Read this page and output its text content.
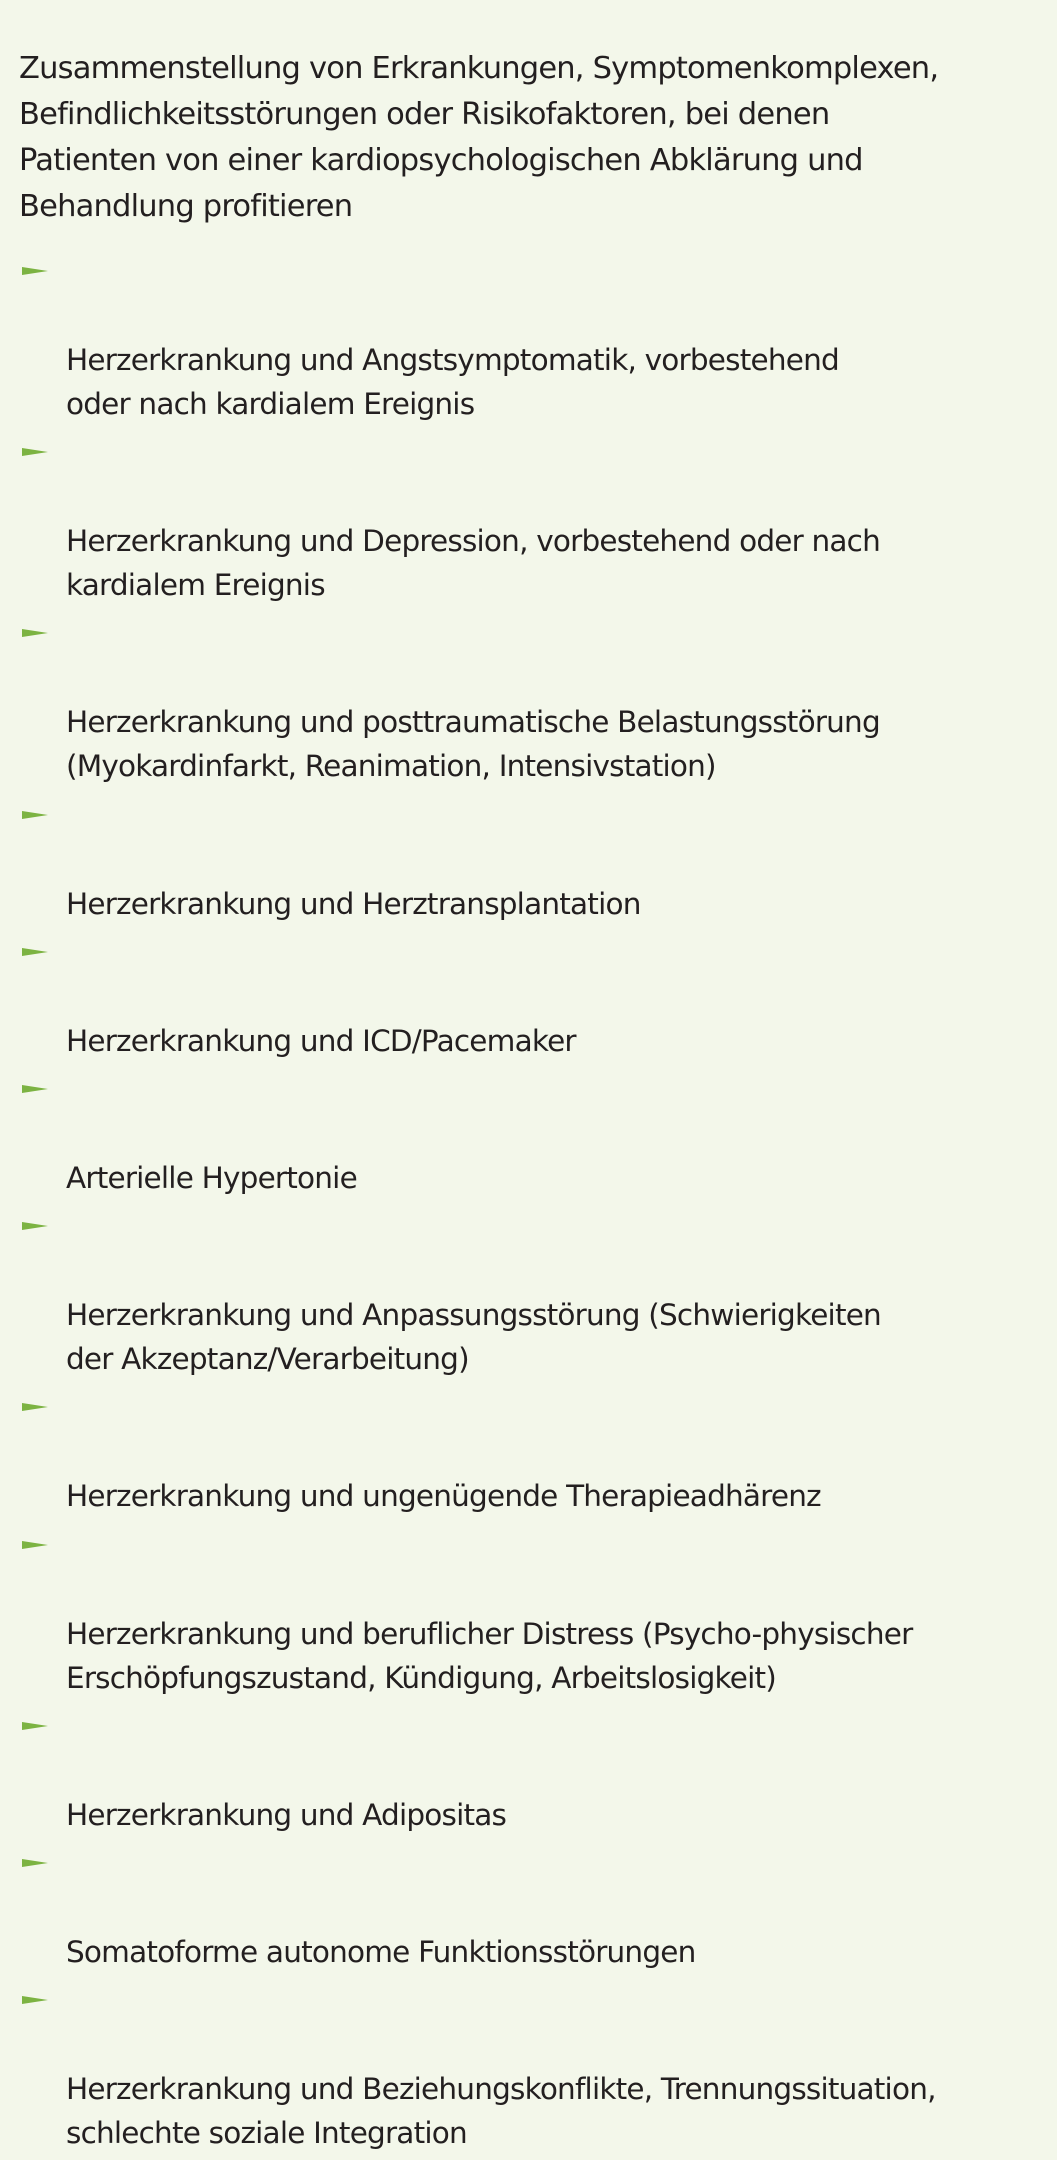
Zusammenstellung von Erkrankungen, Symptomenkomplexen,
Befindlichkeitsstörungen oder Risikofaktoren, bei denen
Patienten von einer kardiopsychologischen Abklärung und
Behandlung profitieren

Herzerkrankung und Angstsymptomatik, vorbestehend
oder nach kardialem Ereignis

Herzerkrankung und Depression, vorbestehend oder nach
kardialem Ereignis

Herzerkrankung und posttraumatische Belastungsstörung
(Myokardinfarkt, Reanimation, Intensivstation)

Herzerkrankung und Herztransplantation

Herzerkrankung und ICD/Pacemaker

Arterielle Hypertonie

Herzerkrankung und Anpassungsstörung (Schwierigkeiten
der Akzeptanz/Verarbeitung)

Herzerkrankung und ungenügende Therapieadhärenz

Herzerkrankung und beruflicher Distress (Psycho-physischer
Erschöpfungszustand, Kündigung, Arbeitslosigkeit)

Herzerkrankung und Adipositas

Somatoforme autonome Funktionsstörungen

Herzerkrankung und Beziehungskonflikte, Trennungssituation,
schlechte soziale Integration
